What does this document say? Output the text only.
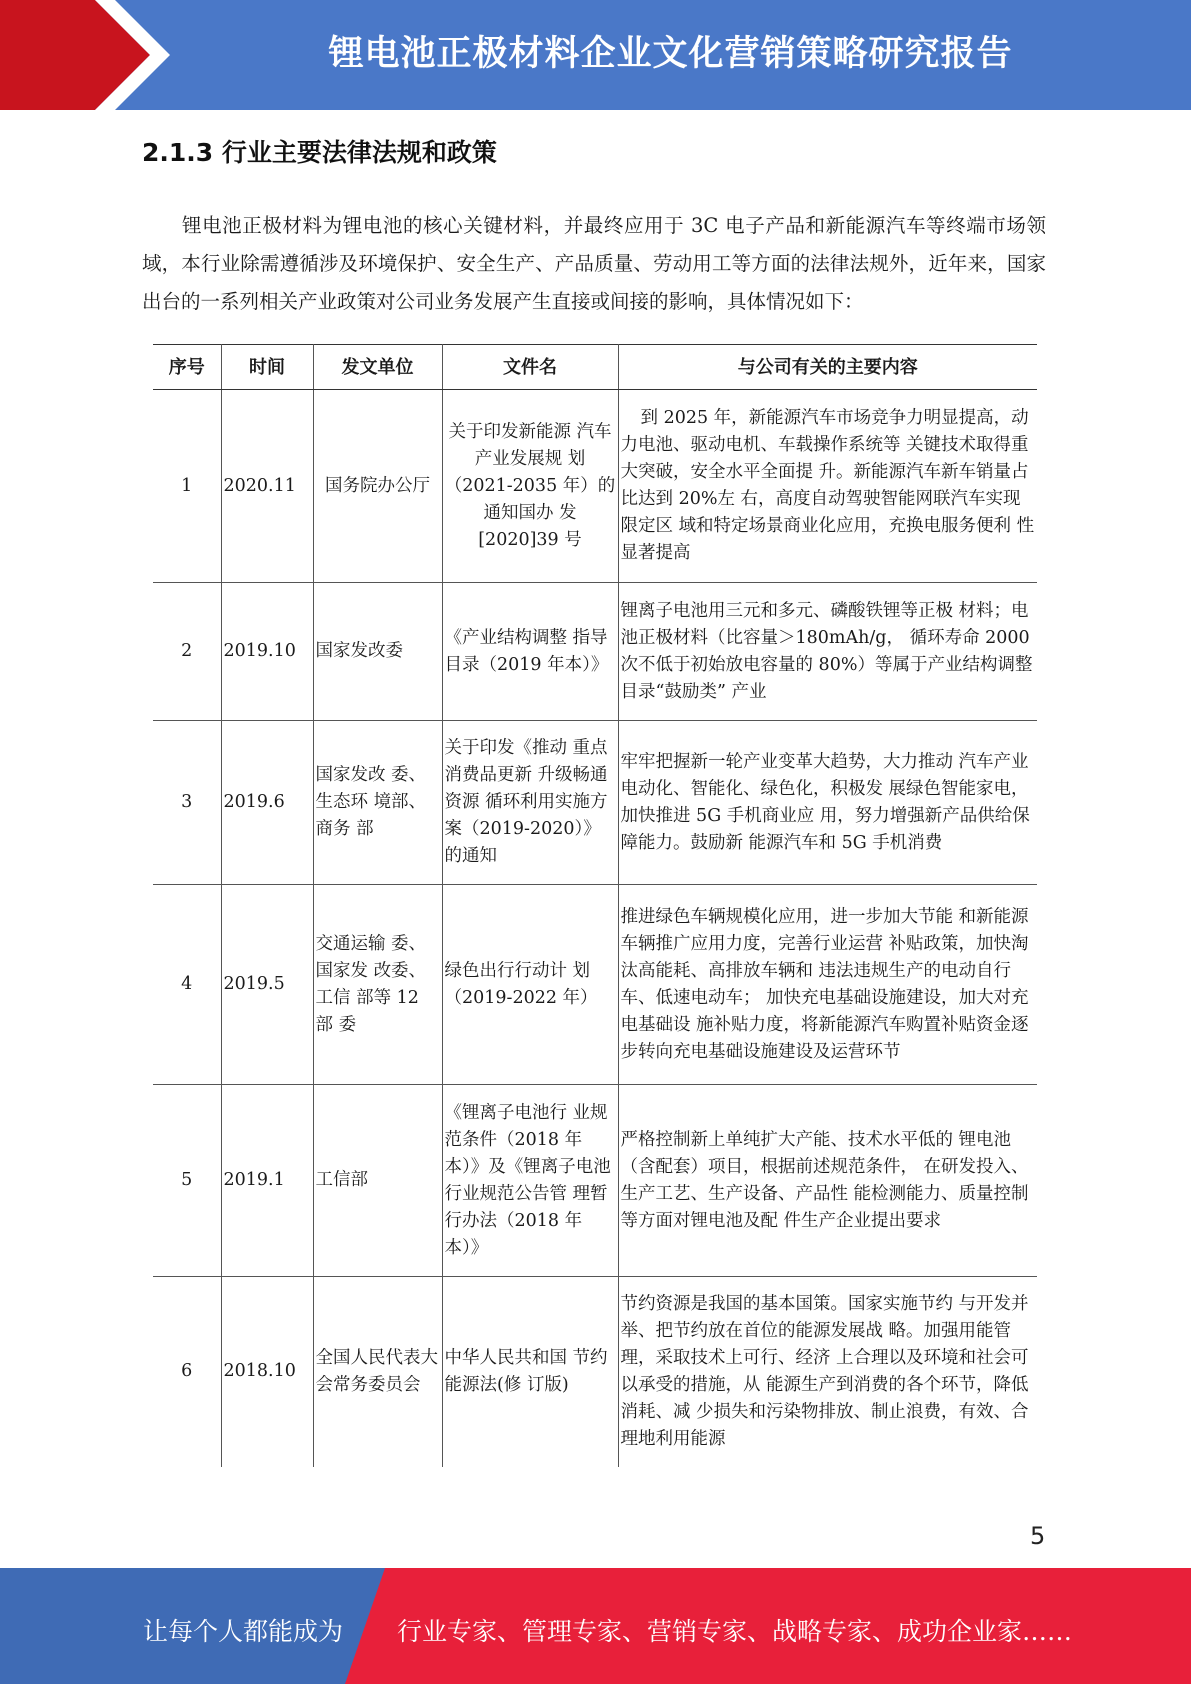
锂电池正极材料企业文化营销策略研究报告
2.1.3 行业主要法律法规和政策
锂电池正极材料为锂电池的核心关键材料，并最终应用于 3C 电子产品和新能源汽车等终端市场领域，本行业除需遵循涉及环境保护、安全生产、产品质量、劳动用工等方面的法律法规外，近年来，国家出台的一系列相关产业政策对公司业务发展产生直接或间接的影响，具体情况如下：
序号	时间	发文单位	文件名	与公司有关的主要内容
1	2020.11	国务院办公厅	关于印发新能源 汽车产业发展规 划（2021-2035 年）的通知国办 发[2020]39 号	到 2025 年，新能源汽车市场竞争力明显提高，动力电池、驱动电机、车载操作系统等 关键技术取得重大突破，安全水平全面提 升。新能源汽车新车销量占比达到 20%左 右，高度自动驾驶智能网联汽车实现限定区 域和特定场景商业化应用，充换电服务便利 性显著提高
2	2019.10	国家发改委	《产业结构调整 指导目录（2019 年本）》	锂离子电池用三元和多元、磷酸铁锂等正极 材料；电池正极材料（比容量＞180mAh/g， 循环寿命 2000 次不低于初始放电容量的 80%）等属于产业结构调整目录“鼓励类” 产业
3	2019.6	国家发改 委、生态环 境部、商务 部	关于印发《推动 重点消费品更新 升级畅通资源 循环利用实施方 案（2019-2020）》 的通知	牢牢把握新一轮产业变革大趋势，大力推动 汽车产业电动化、智能化、绿色化，积极发 展绿色智能家电，加快推进 5G 手机商业应 用，努力增强新产品供给保障能力。鼓励新 能源汽车和 5G 手机消费
4	2019.5	交通运输 委、国家发 改委、工信 部等 12 部 委	绿色出行行动计 划（2019-2022 年）	推进绿色车辆规模化应用，进一步加大节能 和新能源车辆推广应用力度，完善行业运营 补贴政策，加快淘汰高能耗、高排放车辆和 违法违规生产的电动自行车、低速电动车； 加快充电基础设施建设，加大对充电基础设 施补贴力度，将新能源汽车购置补贴资金逐步转向充电基础设施建设及运营环节
5	2019.1	工信部	《锂离子电池行 业规范条件（2018 年本）》及《锂离子电池 行业规范公告管 理暂行办法（2018 年本）》	严格控制新上单纯扩大产能、技术水平低的 锂电池（含配套）项目，根据前述规范条件， 在研发投入、生产工艺、生产设备、产品性 能检测能力、质量控制等方面对锂电池及配 件生产企业提出要求
6	2018.10	全国人民代表大会常务委员会	中华人民共和国 节约能源法(修 订版)	节约资源是我国的基本国策。国家实施节约 与开发并举、把节约放在首位的能源发展战 略。加强用能管理，采取技术上可行、经济 上合理以及环境和社会可以承受的措施，从 能源生产到消费的各个环节，降低消耗、减 少损失和污染物排放、制止浪费，有效、合 理地利用能源
5
让每个人都能成为 行业专家、管理专家、营销专家、战略专家、成功企业家……
